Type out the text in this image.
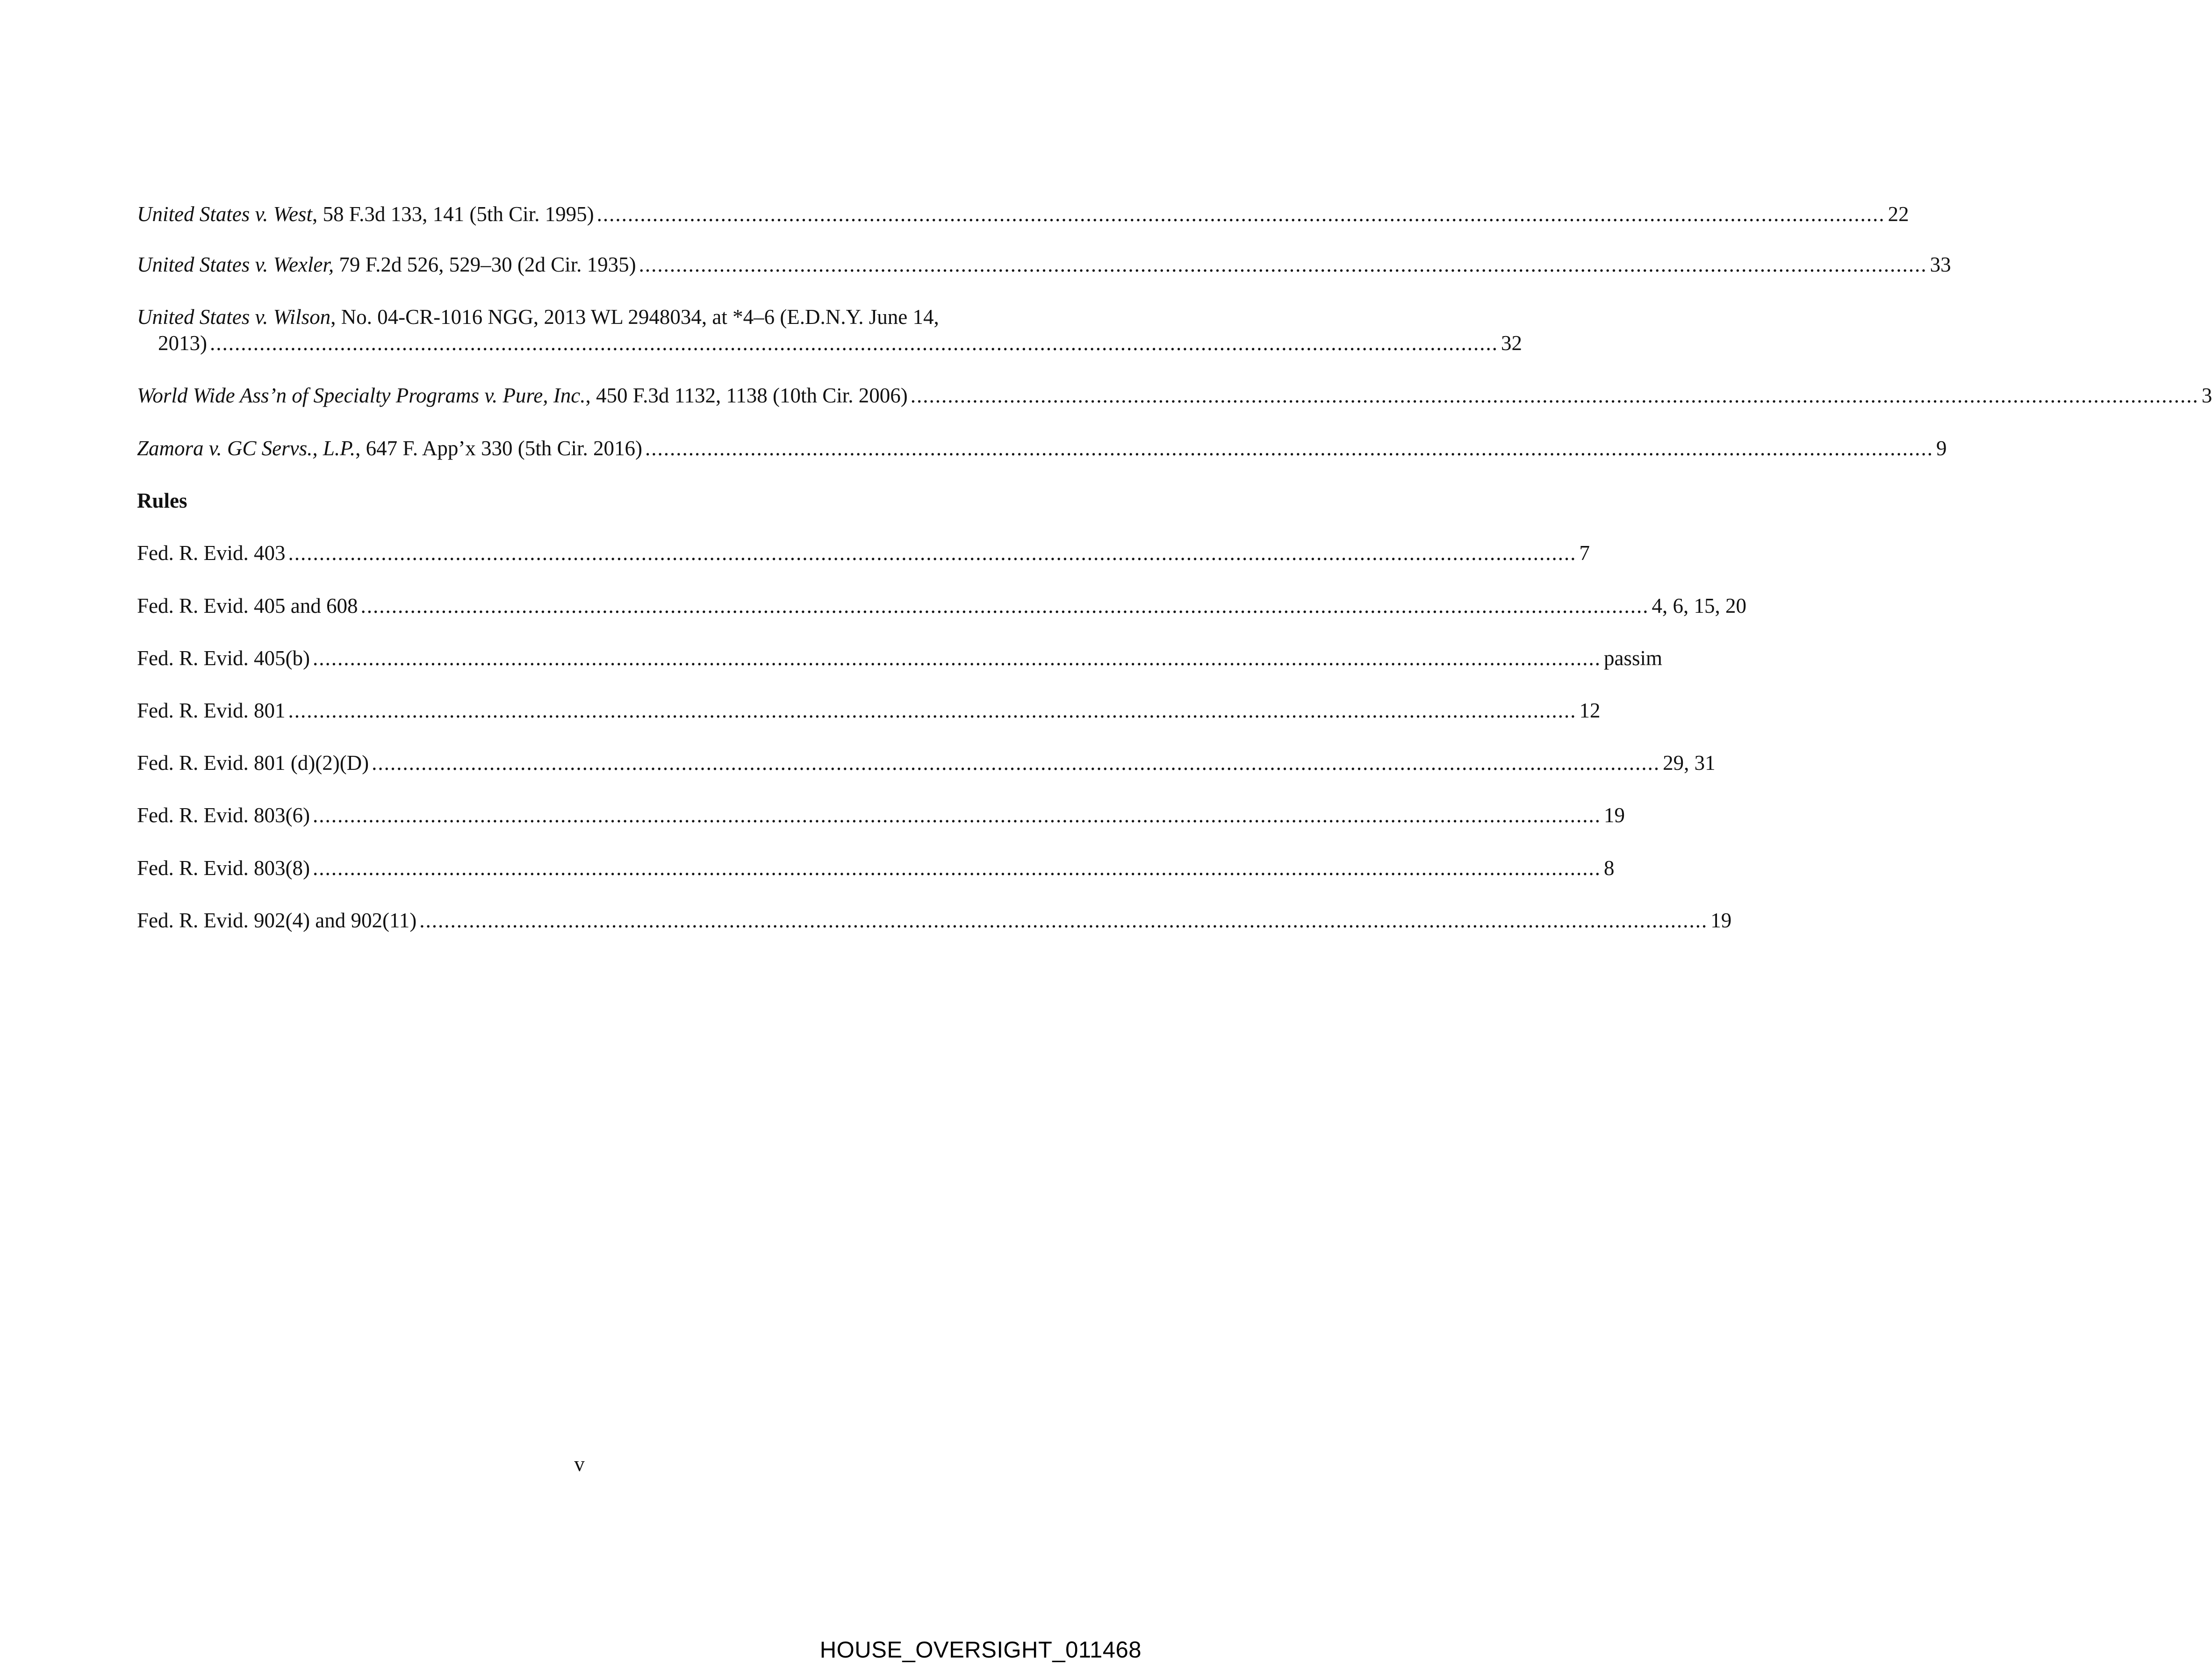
United States v. West, 58 F.3d 133, 141 (5th Cir. 1995) ................................................................................................................................................................................................................ 22
United States v. Wexler, 79 F.2d 526, 529–30 (2d Cir. 1935) ................................................................................................................................................................................................................ 33
United States v. Wilson, No. 04-CR-1016 NGG, 2013 WL 2948034, at *4–6 (E.D.N.Y. June 14,
2013) ................................................................................................................................................................................................................ 32
World Wide Ass’n of Specialty Programs v. Pure, Inc., 450 F.3d 1132, 1138 (10th Cir. 2006) ................................................................................................................................................................................................................ 3
Zamora v. GC Servs., L.P., 647 F. App’x 330 (5th Cir. 2016) ................................................................................................................................................................................................................ 9
Rules
Fed. R. Evid. 403 ................................................................................................................................................................................................................ 7
Fed. R. Evid. 405 and 608 ................................................................................................................................................................................................................ 4, 6, 15, 20
Fed. R. Evid. 405(b) ................................................................................................................................................................................................................ passim
Fed. R. Evid. 801 ................................................................................................................................................................................................................ 12
Fed. R. Evid. 801 (d)(2)(D) ................................................................................................................................................................................................................ 29, 31
Fed. R. Evid. 803(6) ................................................................................................................................................................................................................ 19
Fed. R. Evid. 803(8) ................................................................................................................................................................................................................ 8
Fed. R. Evid. 902(4) and 902(11) ................................................................................................................................................................................................................ 19
v
HOUSE_OVERSIGHT_011468
